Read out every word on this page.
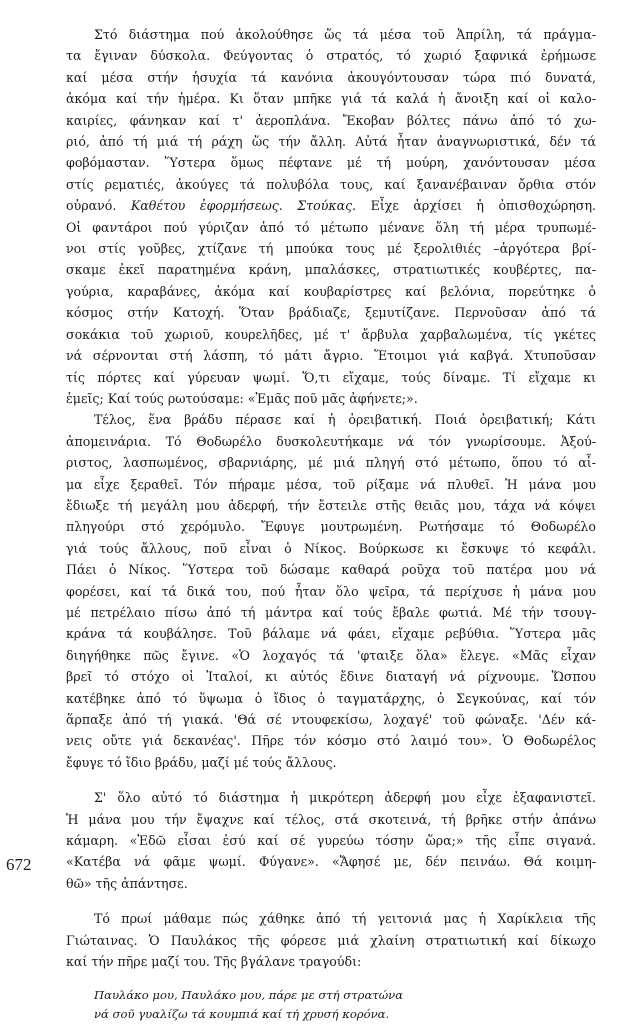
Στό διάστημα πού ἀκολούθησε ὥς τά μέσα τοῦ Ἀπρίλη, τά πράγμα-
τα ἔγιναν δύσκολα. Φεύγοντας ὁ στρατός, τό χωριό ξαφνικά ἐρήμωσε
καί μέσα στήν ἡσυχία τά κανόνια ἀκουγόντουσαν τώρα πιό δυνατά,
ἀκόμα καί τήν ἡμέρα. Κι ὅταν μπῆκε γιά τά καλά ἡ ἄνοιξη καί οἱ καλο-
καιρίες, φάνηκαν καί τ' ἀεροπλάνα. Ἔκοβαν βόλτες πάνω ἀπό τό χω-
ριό, ἀπό τή μιά τή ράχη ὥς τήν ἄλλη. Αὐτά ἦταν ἀναγνωριστικά, δέν τά
φοβόμασταν. Ὕστερα ὅμως πέφτανε μέ τή μούρη, χανόντουσαν μέσα
στίς ρεματιές, ἀκούγες τά πολυβόλα τους, καί ξανανέβαιναν ὄρθια στόν
οὐρανό. Καθέτου ἐφορμήσεως. Στούκας. Εἶχε ἀρχίσει ἡ ὀπισθοχώρηση.
Οἱ φαντάροι πού γύριζαν ἀπό τό μέτωπο μένανε ὅλη τή μέρα τρυπωμέ-
νοι στίς γοῦβες, χτίζανε τή μπούκα τους μέ ξερολιθιές –ἀργότερα βρί-
σκαμε ἐκεῖ παρατημένα κράνη, μπαλάσκες, στρατιωτικές κουβέρτες, πα-
γούρια, καραβάνες, ἀκόμα καί κουβαρίστρες καί βελόνια, πορεύτηκε ὁ
κόσμος στήν Κατοχή. Ὅταν βράδιαζε, ξεμυτίζανε. Περνοῦσαν ἀπό τά
σοκάκια τοῦ χωριοῦ, κουρελῆδες, μέ τ' ἄρβυλα χαρβαλωμένα, τίς γκέτες
νά σέρνονται στή λάσπη, τό μάτι ἄγριο. Ἕτοιμοι γιά καβγά. Χτυποῦσαν
τίς πόρτες καί γύρευαν ψωμί. Ὅ,τι εἴχαμε, τούς δίναμε. Τί εἴχαμε κι
ἐμεῖς; Καί τούς ρωτούσαμε: «Ἐμᾶς ποῦ μᾶς ἀφήνετε;».

Τέλος, ἕνα βράδυ πέρασε καί ἡ ὀρειβατική. Ποιά ὀρειβατική; Κάτι
ἀπομεινάρια. Τό Θοδωρέλο δυσκολευτήκαμε νά τόν γνωρίσουμε. Ἀξού-
ριστος, λασπωμένος, σβαρνιάρης, μέ μιά πληγή στό μέτωπο, ὅπου τό αἷ-
μα εἶχε ξεραθεῖ. Τόν πήραμε μέσα, τοῦ ρίξαμε νά πλυθεῖ. Ἡ μάνα μου
ἔδιωξε τή μεγάλη μου ἀδερφή, τήν ἔστειλε στῆς θειᾶς μου, τάχα νά κόψει
πληγούρι στό χερόμυλο. Ἔφυγε μουτρωμένη. Ρωτήσαμε τό Θοδωρέλο
γιά τούς ἄλλους, ποῦ εἶναι ὁ Νίκος. Βούρκωσε κι ἔσκυψε τό κεφάλι.
Πάει ὁ Νίκος. Ὕστερα τοῦ δώσαμε καθαρά ροῦχα τοῦ πατέρα μου νά
φορέσει, καί τά δικά του, πού ἦταν ὅλο ψεῖρα, τά περίχυσε ἡ μάνα μου
μέ πετρέλαιο πίσω ἀπό τή μάντρα καί τούς ἔβαλε φωτιά. Μέ τήν τσουγ-
κράνα τά κουβάλησε. Τοῦ βάλαμε νά φάει, εἴχαμε ρεβύθια. Ὕστερα μᾶς
διηγήθηκε πῶς ἔγινε. «Ὁ λοχαγός τά 'φταιξε ὅλα» ἔλεγε. «Μᾶς εἶχαν
βρεῖ τό στόχο οἱ Ἰταλοί, κι αὐτός ἔδινε διαταγή νά ρίχνουμε. Ὥσπου
κατέβηκε ἀπό τό ὕψωμα ὁ ἴδιος ὁ ταγματάρχης, ὁ Σεγκούνας, καί τόν
ἅρπαξε ἀπό τή γιακά. 'Θά σέ ντουφεκίσω, λοχαγέ' τοῦ φώναξε. 'Δέν κά-
νεις οὔτε γιά δεκανέας'. Πῆρε τόν κόσμο στό λαιμό του». Ὁ Θοδωρέλος
ἔφυγε τό ἴδιο βράδυ, μαζί μέ τούς ἄλλους.

Σ' ὅλο αὐτό τό διάστημα ἡ μικρότερη ἀδερφή μου εἶχε ἐξαφανιστεῖ.
Ἡ μάνα μου τήν ἔψαχνε καί τέλος, στά σκοτεινά, τή βρῆκε στήν ἀπάνω
κάμαρη. «Ἐδῶ εἶσαι ἐσύ καί σέ γυρεύω τόσην ὥρα;» τῆς εἶπε σιγανά.
«Κατέβα νά φᾶμε ψωμί. Φύγανε». «Ἄφησέ με, δέν πεινάω. Θά κοιμη-
θῶ» τῆς ἀπάντησε.

Τό πρωί μάθαμε πώς χάθηκε ἀπό τή γειτονιά μας ἡ Χαρίκλεια τῆς
Γιώταινας. Ὁ Παυλάκος τῆς φόρεσε μιά χλαίνη στρατιωτική καί δίκωχο
καί τήν πῆρε μαζί του. Τῆς βγάλανε τραγούδι:

Παυλάκο μου, Παυλάκο μου, πάρε με στή στρατώνα
νά σοῦ γυαλίζω τά κουμπιά καί τή χρυσή κορόνα.
672
